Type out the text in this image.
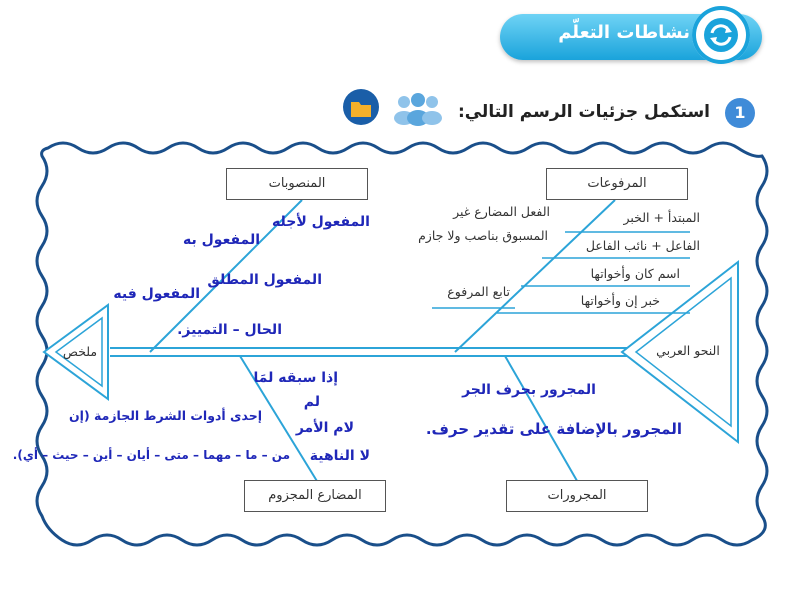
نشاطات التعلّم
1
استكمل جزئيات الرسم التالي:
المرفوعات
المنصوبات
المجرورات
المضارع المجزوم
النحو العربي
ملخص
المبتدأ + الخبر
الفاعل + نائب الفاعل
اسم كان وأخواتها
خبر إن وأخواتها
الفعل المضارع غير
المسبوق بناصب ولا جازم
تابع المرفوع
المفعول لأجله
المفعول به
المفعول المطلق
المفعول فيه
الحال – التمييز.
إذا سبقه لمَا
لم
لام الأمر
لا الناهية
إحدى أدوات الشرط الجازمة (إن
من – ما – مهما – متى – أيان – أين – حيث – أي).
المجرور بحرف الجر
المجرور بالإضافة على تقدير حرف.
